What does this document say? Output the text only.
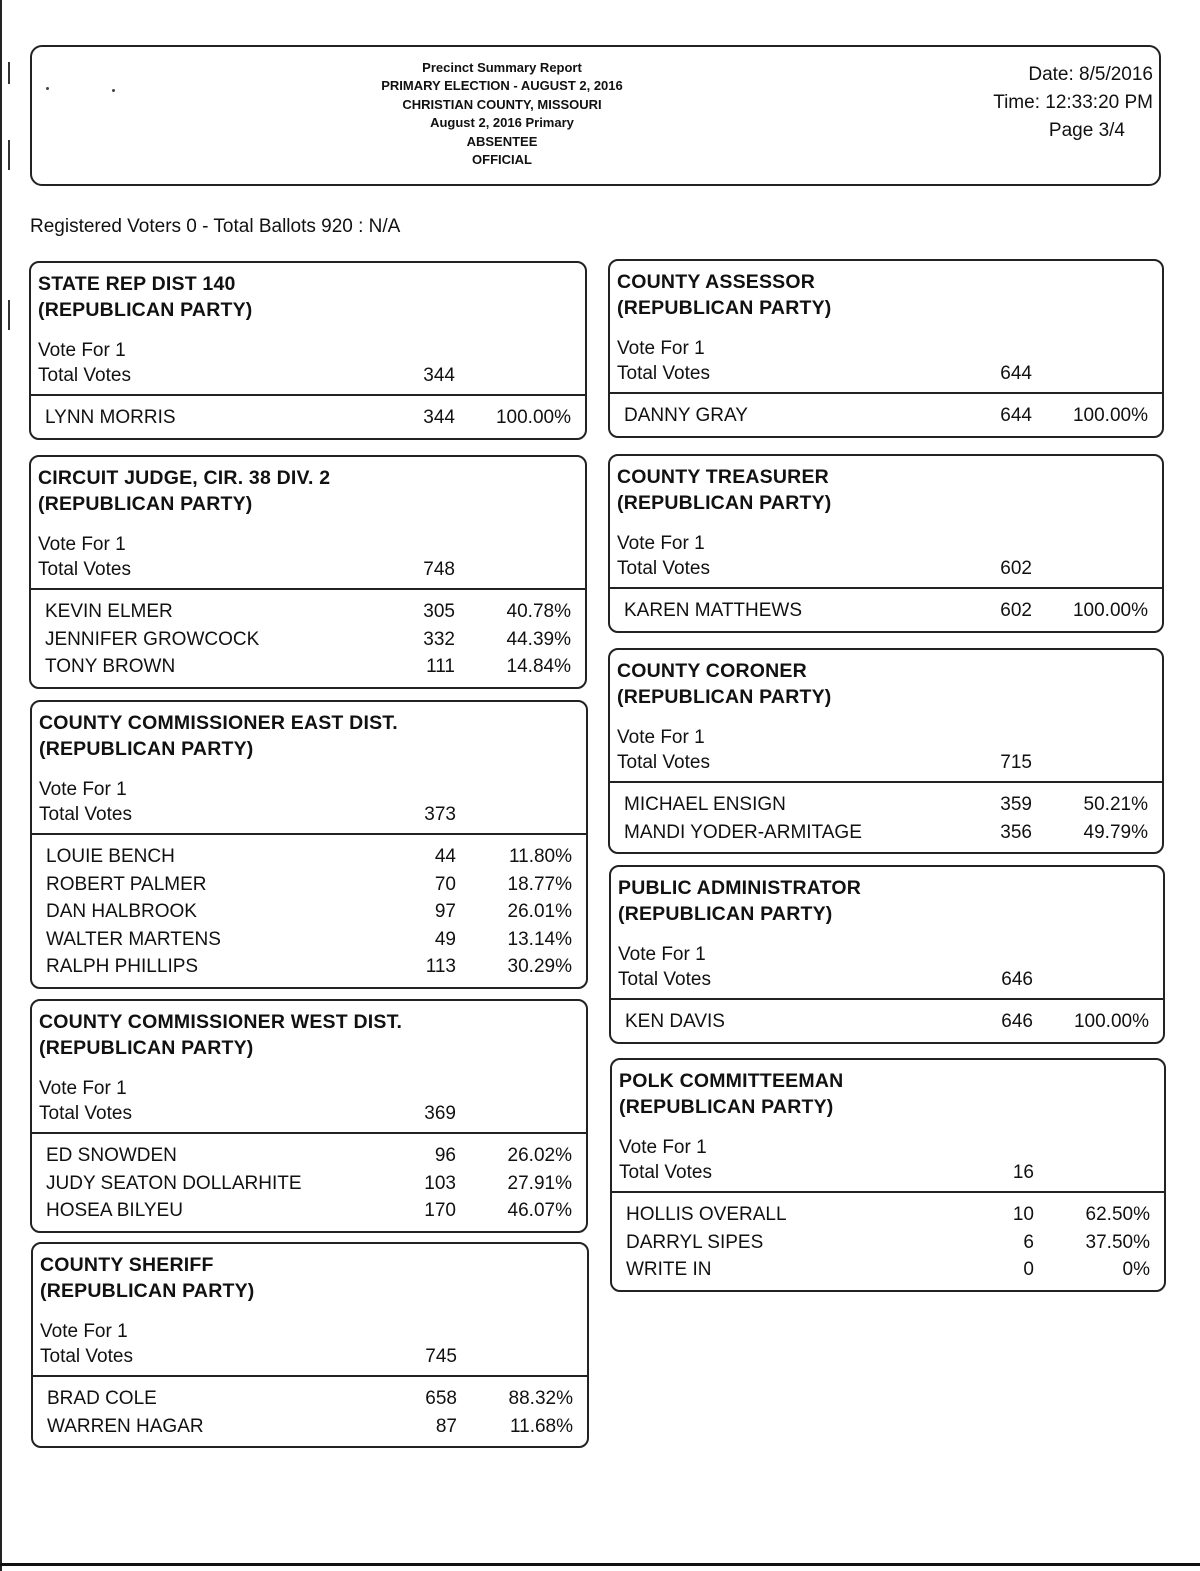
Precinct Summary Report
PRIMARY ELECTION - AUGUST 2, 2016
CHRISTIAN COUNTY, MISSOURI
August 2, 2016 Primary
ABSENTEE
OFFICIAL
Date: 8/5/2016
Time: 12:33:20 PM
Page 3/4
Registered Voters 0 - Total Ballots 920 : N/A
STATE REP DIST 140
(REPUBLICAN PARTY)
Vote For 1
Total Votes	344
LYNN MORRIS	344 100.00%
CIRCUIT JUDGE, CIR. 38 DIV. 2
(REPUBLICAN PARTY)
Vote For 1
Total Votes	748
KEVIN ELMER	305	40.78%
JENNIFER GROWCOCK	332	44.39%
TONY BROWN	111	14.84%
COUNTY COMMISSIONER EAST DIST.
(REPUBLICAN PARTY)
Vote For 1
Total Votes	373
LOUIE BENCH	44	11.80%
ROBERT PALMER	70	18.77%
DAN HALBROOK	97	26.01%
WALTER MARTENS	49	13.14%
RALPH PHILLIPS	113	30.29%
COUNTY COMMISSIONER WEST DIST.
(REPUBLICAN PARTY)
Vote For 1
Total Votes	369
ED SNOWDEN	96	26.02%
JUDY SEATON DOLLARHITE	103	27.91%
HOSEA BILYEU	170	46.07%
COUNTY SHERIFF
(REPUBLICAN PARTY)
Vote For 1
Total Votes	745
BRAD COLE	658	88.32%
WARREN HAGAR	87	11.68%
COUNTY ASSESSOR
(REPUBLICAN PARTY)
Vote For 1
Total Votes	644
DANNY GRAY	644 100.00%
COUNTY TREASURER
(REPUBLICAN PARTY)
Vote For 1
Total Votes	602
KAREN MATTHEWS	602 100.00%
COUNTY CORONER
(REPUBLICAN PARTY)
Vote For 1
Total Votes	715
MICHAEL ENSIGN	359	50.21%
MANDI YODER-ARMITAGE	356	49.79%
PUBLIC ADMINISTRATOR
(REPUBLICAN PARTY)
Vote For 1
Total Votes	646
KEN DAVIS	646 100.00%
POLK COMMITTEEMAN
(REPUBLICAN PARTY)
Vote For 1
Total Votes	16
HOLLIS OVERALL	10	62.50%
DARRYL SIPES	6	37.50%
WRITE IN	0	0%
